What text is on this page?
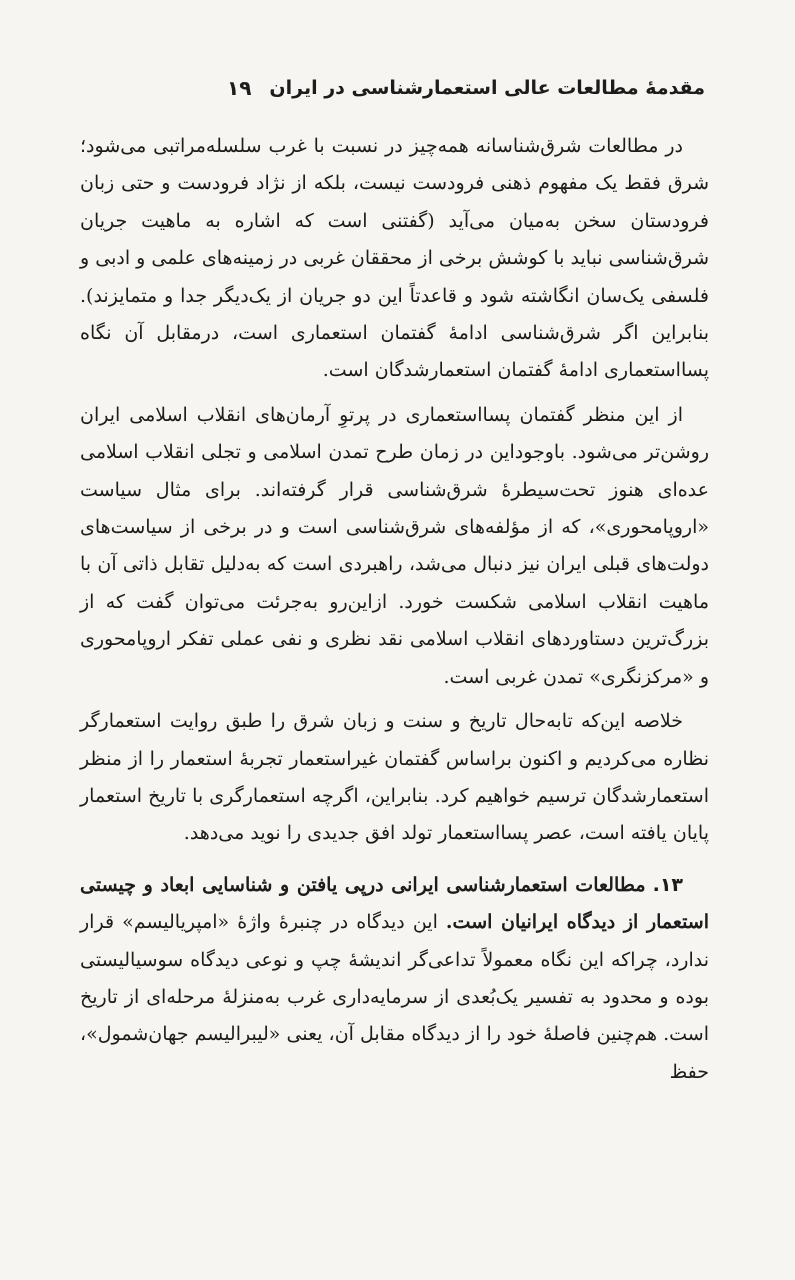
مقدمهٔ مطالعات عالی استعمارشناسی در ایران
۱۹

در مطالعات شرق‌شناسانه همه‌چیز در نسبت با غرب سلسله‌مراتبی می‌شود؛ شرق فقط یک مفهوم ذهنی فرودست نیست، بلکه از نژاد فرودست و حتی زبان فرودستان سخن به‌میان می‌آید (گفتنی است که اشاره به ماهیت جریان شرق‌شناسی نباید با کوشش برخی از محققان غربی در زمینه‌های علمی و ادبی و فلسفی یک‌سان انگاشته شود و قاعدتاً این دو جریان از یک‌دیگر جدا و متمایزند). بنابراین اگر شرق‌شناسی ادامهٔ گفتمان استعماری است، درمقابل آن نگاه پسااستعماری ادامهٔ گفتمان استعمارشدگان است.

از این منظر گفتمان پسااستعماری در پرتوِ آرمان‌های انقلاب اسلامی ایران روشن‌تر می‌شود. باوجوداین در زمان طرح تمدن اسلامی و تجلی انقلاب اسلامی عده‌ای هنوز تحت‌سیطرهٔ شرق‌شناسی قرار گرفته‌اند. برای مثال سیاست «اروپامحوری»، که از مؤلفه‌های شرق‌شناسی است و در برخی از سیاست‌های دولت‌های قبلی ایران نیز دنبال می‌شد، راهبردی است که به‌دلیل تقابل ذاتی آن با ماهیت انقلاب اسلامی شکست خورد. ازاین‌رو به‌جرئت می‌توان گفت که از بزرگ‌ترین دستاوردهای انقلاب اسلامی نقد نظری و نفی عملی تفکر اروپامحوری و «مرکزنگری» تمدن غربی است.

خلاصه این‌که تابه‌حال تاریخ و سنت و زبان شرق را طبق روایت استعمارگر نظاره می‌کردیم و اکنون براساس گفتمان غیراستعمار تجربهٔ استعمار را از منظر استعمارشدگان ترسیم خواهیم کرد. بنابراین، اگرچه استعمارگری با تاریخ استعمار پایان یافته است، عصر پسااستعمار تولد افق جدیدی را نوید می‌دهد.

۱۳. مطالعات استعمارشناسی ایرانی درپی یافتن و شناسایی ابعاد و چیستی استعمار از دیدگاه ایرانیان است. این دیدگاه در چنبرهٔ واژهٔ «امپریالیسم» قرار ندارد، چراکه این نگاه معمولاً تداعی‌گر اندیشهٔ چپ و نوعی دیدگاه سوسیالیستی بوده و محدود به تفسیر یک‌بُعدی از سرمایه‌داری غرب به‌منزلهٔ مرحله‌ای از تاریخ است. هم‌چنین فاصلهٔ خود را از دیدگاه مقابل آن، یعنی «لیبرالیسم جهان‌شمول»، حفظ
